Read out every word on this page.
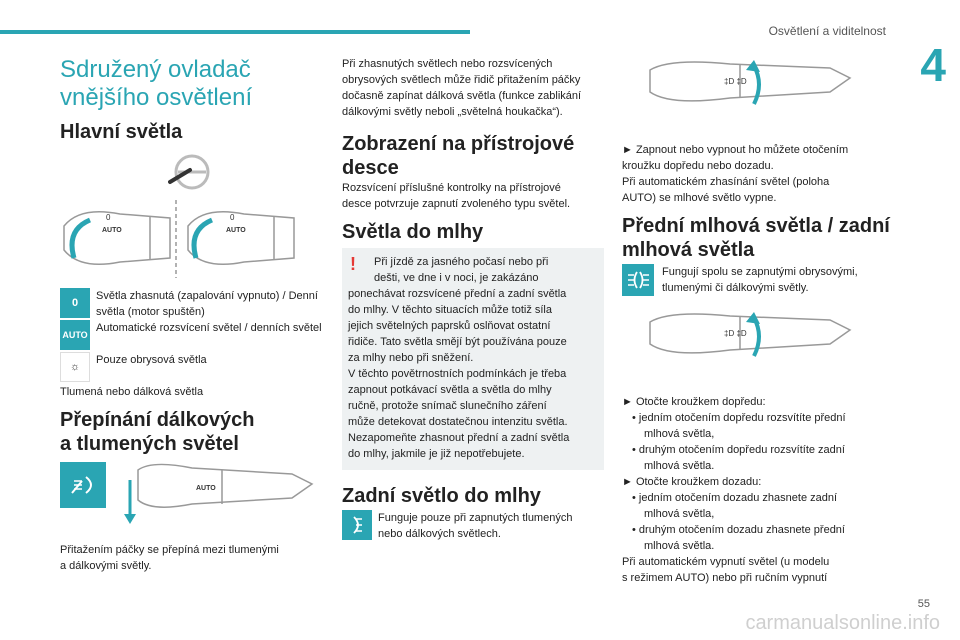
Osvětlení a viditelnost
4
Sdružený ovladač
vnějšího osvětlení
Hlavní světla
0
AUTO
0
AUTO
0
Světla zhasnutá (zapalování vypnuto) / Denní světla (motor spuštěn)
AUTO
Automatické rozsvícení světel / denních světel
☼
Pouze obrysová světla
Tlumená nebo dálková světla
Přepínání dálkových
a tlumených světel
AUTO
Přitažením páčky se přepíná mezi tlumenými
a dálkovými světly.
Při zhasnutých světlech nebo rozsvícených
obrysových světlech může řidič přitažením páčky
dočasně zapínat dálková světla (funkce zablikání
dálkovými světly neboli „světelná houkačka“).
Zobrazení na přístrojové
desce
Rozsvícení příslušné kontrolky na přístrojové
desce potvrzuje zapnutí zvoleného typu světel.
Světla do mlhy
! Při jízdě za jasného počasí nebo při
dešti, ve dne i v noci, je zakázáno
ponechávat rozsvícené přední a zadní světla
do mlhy. V těchto situacích může totiž síla
jejich světelných paprsků oslňovat ostatní
řidiče. Tato světla smějí být používána pouze
za mlhy nebo při sněžení.
V těchto povětrnostních podmínkách je třeba
zapnout potkávací světla a světla do mlhy
ručně, protože snímač slunečního záření
může detekovat dostatečnou intenzitu světla.
Nezapomeňte zhasnout přední a zadní světla
do mlhy, jakmile je již nepotřebujete.
Zadní světlo do mlhy
Funguje pouze při zapnutých tlumených
nebo dálkových světlech.
‡D ‡D
► Zapnout nebo vypnout ho můžete otočením
kroužku dopředu nebo dozadu.
Při automatickém zhasínání světel (poloha
AUTO) se mlhové světlo vypne.
Přední mlhová světla / zadní
mlhová světla
Fungují spolu se zapnutými obrysovými,
tlumenými či dálkovými světly.
‡D ‡D
► Otočte kroužkem dopředu:
• jedním otočením dopředu rozsvítíte přední
mlhová světla,
• druhým otočením dopředu rozsvítíte zadní
mlhová světla.
► Otočte kroužkem dozadu:
• jedním otočením dozadu zhasnete zadní
mlhová světla,
• druhým otočením dozadu zhasnete přední
mlhová světla.
Při automatickém vypnutí světel (u modelu
s režimem AUTO) nebo při ručním vypnutí
55
carmanualsonline.info
